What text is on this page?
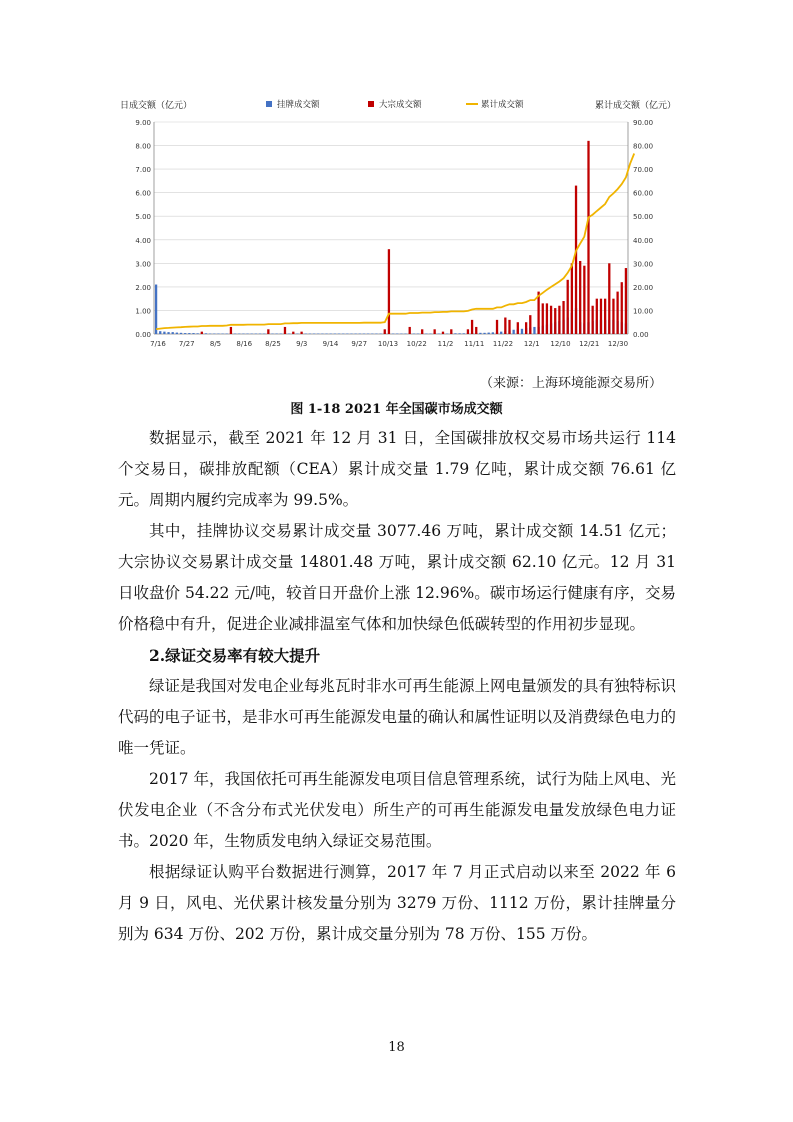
日成交额（亿元）	累计成交额（亿元）
挂牌成交额	大宗成交额	累计成交额
0.00
1.00
2.00
3.00
4.00
5.00
6.00
7.00
8.00
9.00
0.00
10.00
20.00
30.00
40.00
50.00
60.00
70.00
80.00
90.00
7/16 7/27 8/5 8/16 8/25 9/3 9/14 9/27 10/13 10/22 11/2 11/11 11/22 12/1 12/10 12/21 12/30
（来源：上海环境能源交易所）
图 1-18 2021 年全国碳市场成交额

数据显示，截至 2021 年 12 月 31 日，全国碳排放权交易市场共运行 114 个交易日，碳排放配额（CEA）累计成交量 1.79 亿吨，累计成交额 76.61 亿元。周期内履约完成率为 99.5%。

其中，挂牌协议交易累计成交量 3077.46 万吨，累计成交额 14.51 亿元；大宗协议交易累计成交量 14801.48 万吨，累计成交额 62.10 亿元。12 月 31 日收盘价 54.22 元/吨，较首日开盘价上涨 12.96%。碳市场运行健康有序，交易价格稳中有升，促进企业减排温室气体和加快绿色低碳转型的作用初步显现。

2.绿证交易率有较大提升

绿证是我国对发电企业每兆瓦时非水可再生能源上网电量颁发的具有独特标识代码的电子证书，是非水可再生能源发电量的确认和属性证明以及消费绿色电力的唯一凭证。

2017 年，我国依托可再生能源发电项目信息管理系统，试行为陆上风电、光伏发电企业（不含分布式光伏发电）所生产的可再生能源发电量发放绿色电力证书。2020 年，生物质发电纳入绿证交易范围。

根据绿证认购平台数据进行测算，2017 年 7 月正式启动以来至 2022 年 6 月 9 日，风电、光伏累计核发量分别为 3279 万份、1112 万份，累计挂牌量分别为 634 万份、202 万份，累计成交量分别为 78 万份、155 万份。

18
